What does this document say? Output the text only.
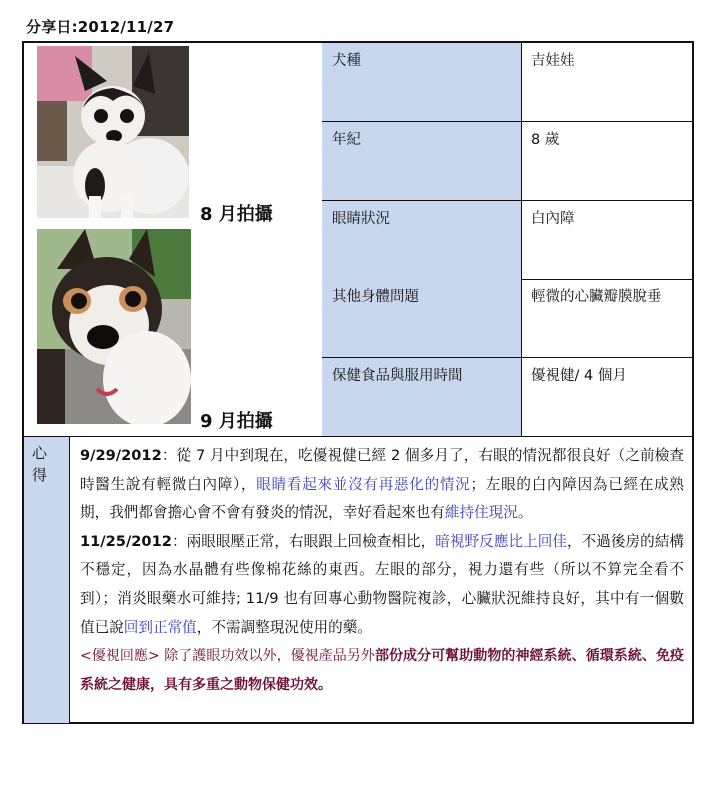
分享日:2012/11/27
8 月拍攝
9 月拍攝
犬種	吉娃娃
年紀	8 歲
眼睛狀況	白內障
其他身體問題	輕微的心臟瓣膜脫垂
保健食品與服用時間	優視健/ 4 個月
心
得

9/29/2012：從 7 月中到現在，吃優視健已經 2 個多月了，右眼的情況都很良好（之前檢查時醫生說有輕微白內障），眼睛看起來並沒有再惡化的情況；左眼的白內障因為已經在成熟期，我們都會擔心會不會有發炎的情況，幸好看起來也有維持住現況。

11/25/2012：兩眼眼壓正常，右眼跟上回檢查相比，暗視野反應比上回佳，不過後房的結構不穩定，因為水晶體有些像棉花絲的東西。左眼的部分，視力還有些（所以不算完全看不到）；消炎眼藥水可維持; 11/9 也有回專心動物醫院複診，心臟狀況維持良好，其中有一個數值已說回到正常值，不需調整現況使用的藥。

<優視回應> 除了護眼功效以外，優視產品另外部份成分可幫助動物的神經系統、循環系統、免疫系統之健康，具有多重之動物保健功效。
